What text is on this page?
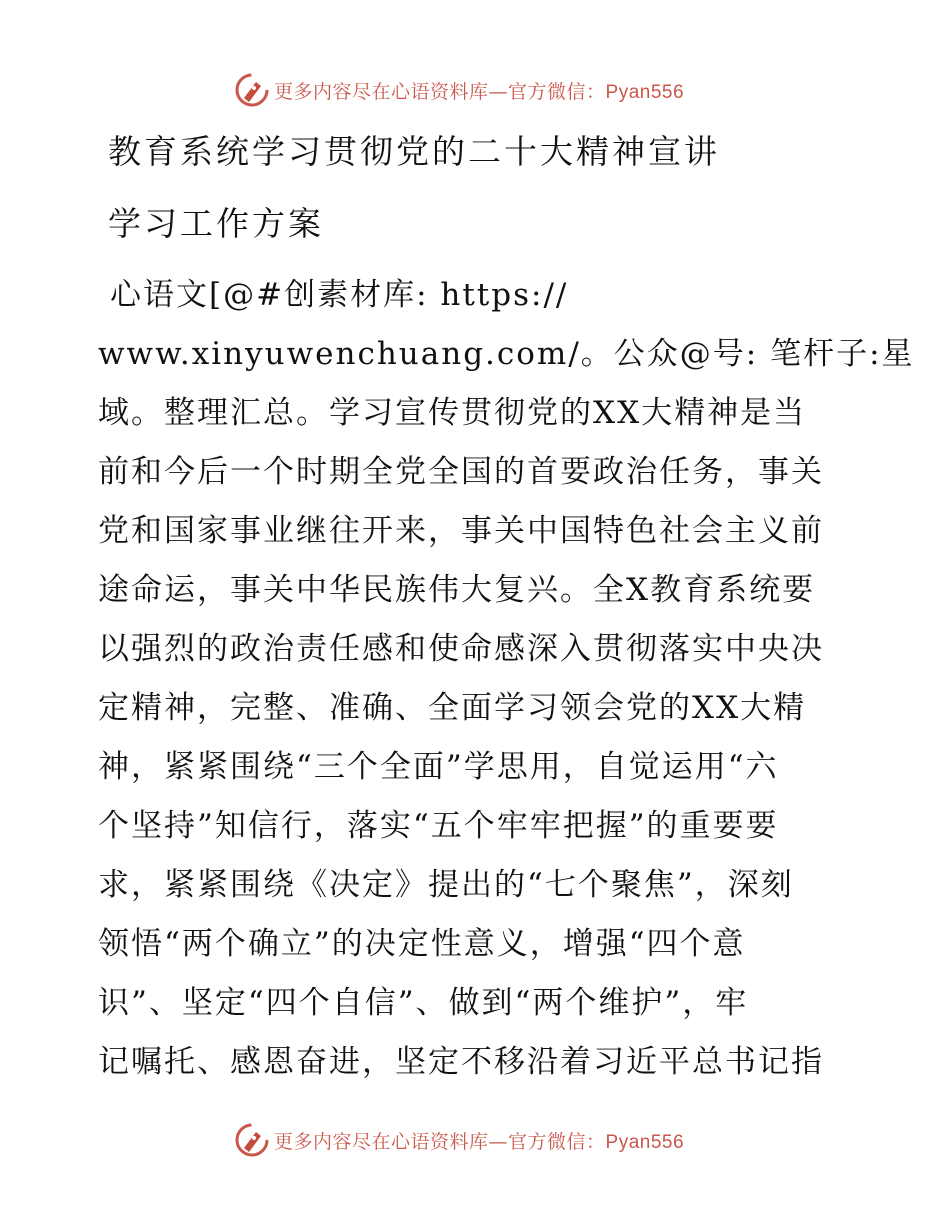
更多内容尽在心语资料库—官方微信：Pyan556
教育系统学习贯彻党的二十大精神宣讲
学习工作方案
心语文[@#创素材库: https://
www.xinyuwenchuang.com/。公众@号: 笔杆子:星
域。整理汇总。学习宣传贯彻党的XX大精神是当
前和今后一个时期全党全国的首要政治任务，事关
党和国家事业继往开来，事关中国特色社会主义前
途命运，事关中华民族伟大复兴。全X教育系统要
以强烈的政治责任感和使命感深入贯彻落实中央决
定精神，完整、准确、全面学习领会党的XX大精
神，紧紧围绕“三个全面”学思用，自觉运用“六
个坚持”知信行，落实“五个牢牢把握”的重要要
求，紧紧围绕《决定》提出的“七个聚焦”，深刻
领悟“两个确立”的决定性意义，增强“四个意
识”、坚定“四个自信”、做到“两个维护”，牢
记嘱托、感恩奋进，坚定不移沿着习近平总书记指
更多内容尽在心语资料库—官方微信：Pyan556
